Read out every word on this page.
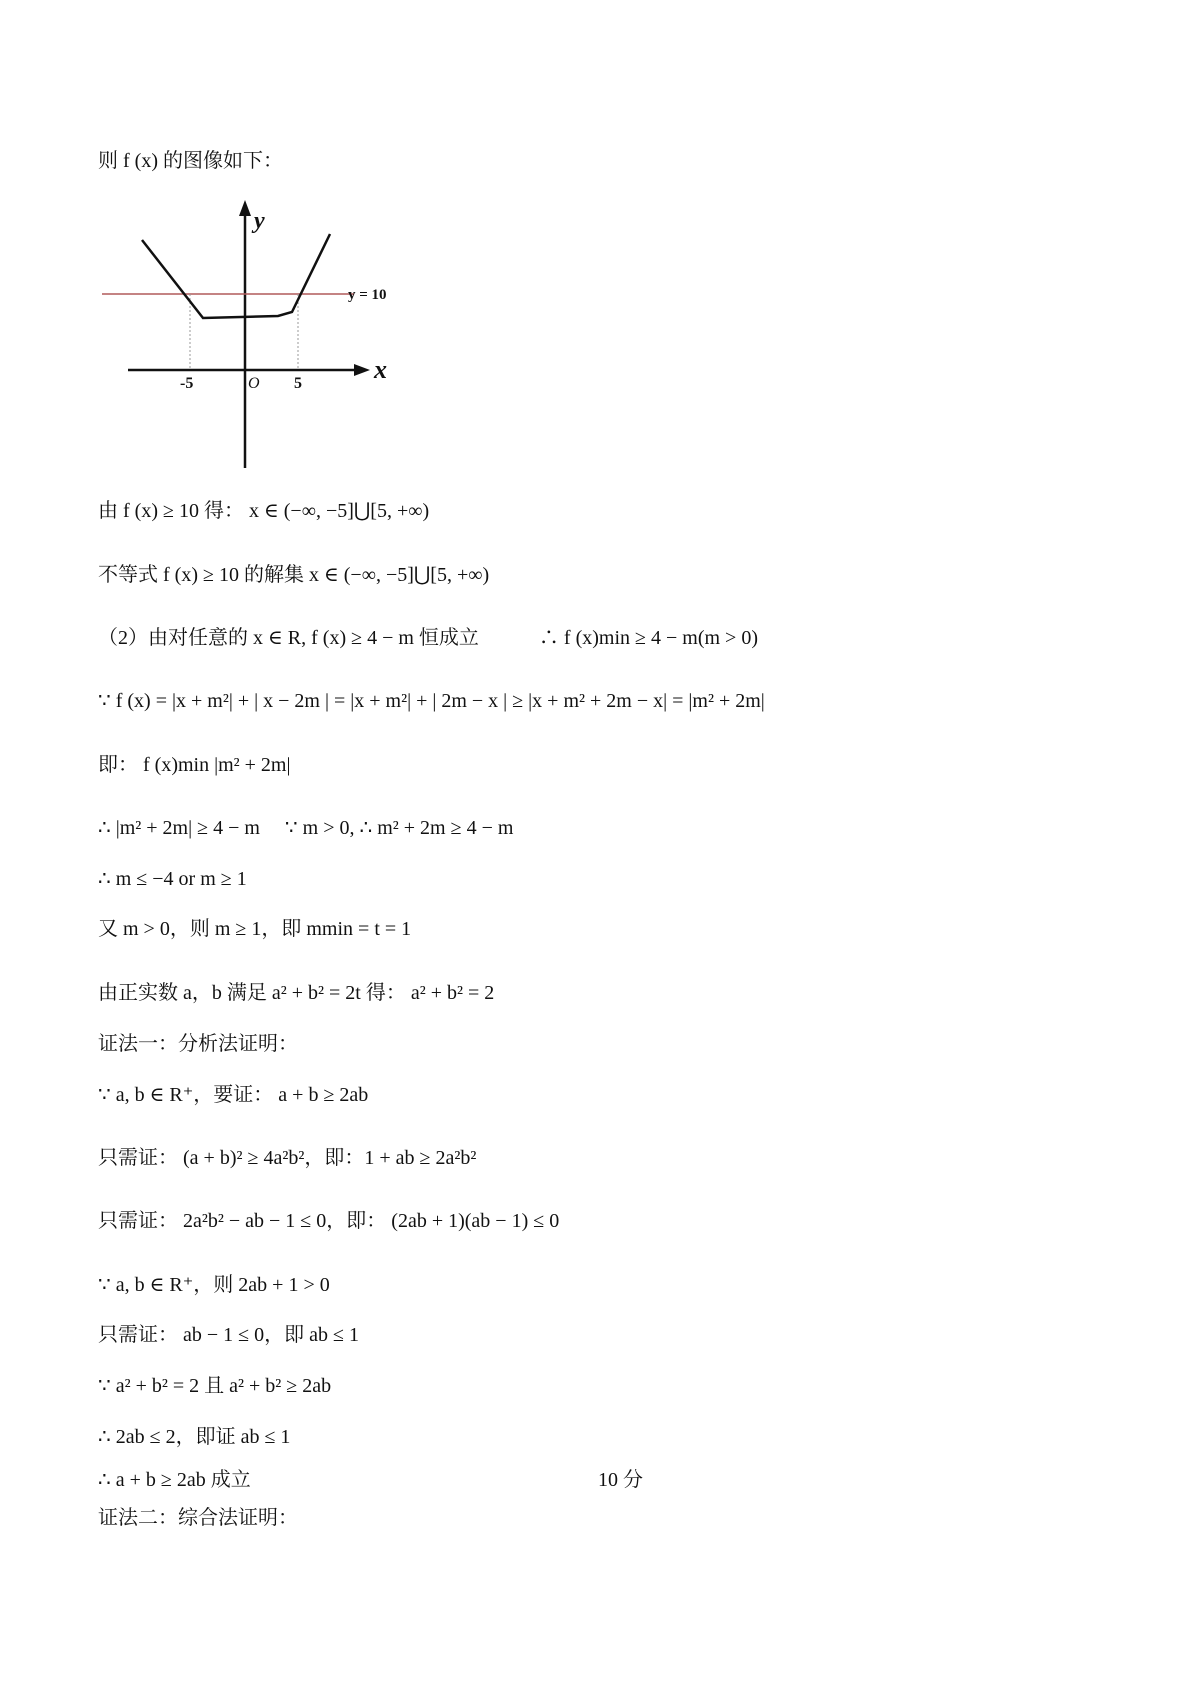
则 f (x) 的图像如下：
y
x
O
-5	5
y = 10
由 f (x) ≥ 10 得： x ∈ (−∞, −5]⋃[5, +∞)
不等式 f (x) ≥ 10 的解集 x ∈ (−∞, −5]⋃[5, +∞)
（2）由对任意的 x ∈ R, f (x) ≥ 4 − m 恒成立　　　∴ f (x)min ≥ 4 − m(m > 0)
∵ f (x) = |x + m²| + | x − 2m | = |x + m²| + | 2m − x | ≥ |x + m² + 2m − x| = |m² + 2m|
即： f (x)min |m² + 2m|
∴ |m² + 2m| ≥ 4 − m　 ∵ m > 0, ∴ m² + 2m ≥ 4 − m
∴ m ≤ −4 or m ≥ 1
又 m > 0，则 m ≥ 1，即 mmin = t = 1
由正实数 a，b 满足 a² + b² = 2t 得： a² + b² = 2
证法一：分析法证明：
∵ a, b ∈ R⁺，要证： a + b ≥ 2ab
只需证： (a + b)² ≥ 4a²b²，即：1 + ab ≥ 2a²b²
只需证： 2a²b² − ab − 1 ≤ 0，即： (2ab + 1)(ab − 1) ≤ 0
∵ a, b ∈ R⁺，则 2ab + 1 > 0
只需证： ab − 1 ≤ 0，即 ab ≤ 1
∵ a² + b² = 2 且 a² + b² ≥ 2ab
∴ 2ab ≤ 2，即证 ab ≤ 1
∴ a + b ≥ 2ab 成立	10 分
证法二：综合法证明：
